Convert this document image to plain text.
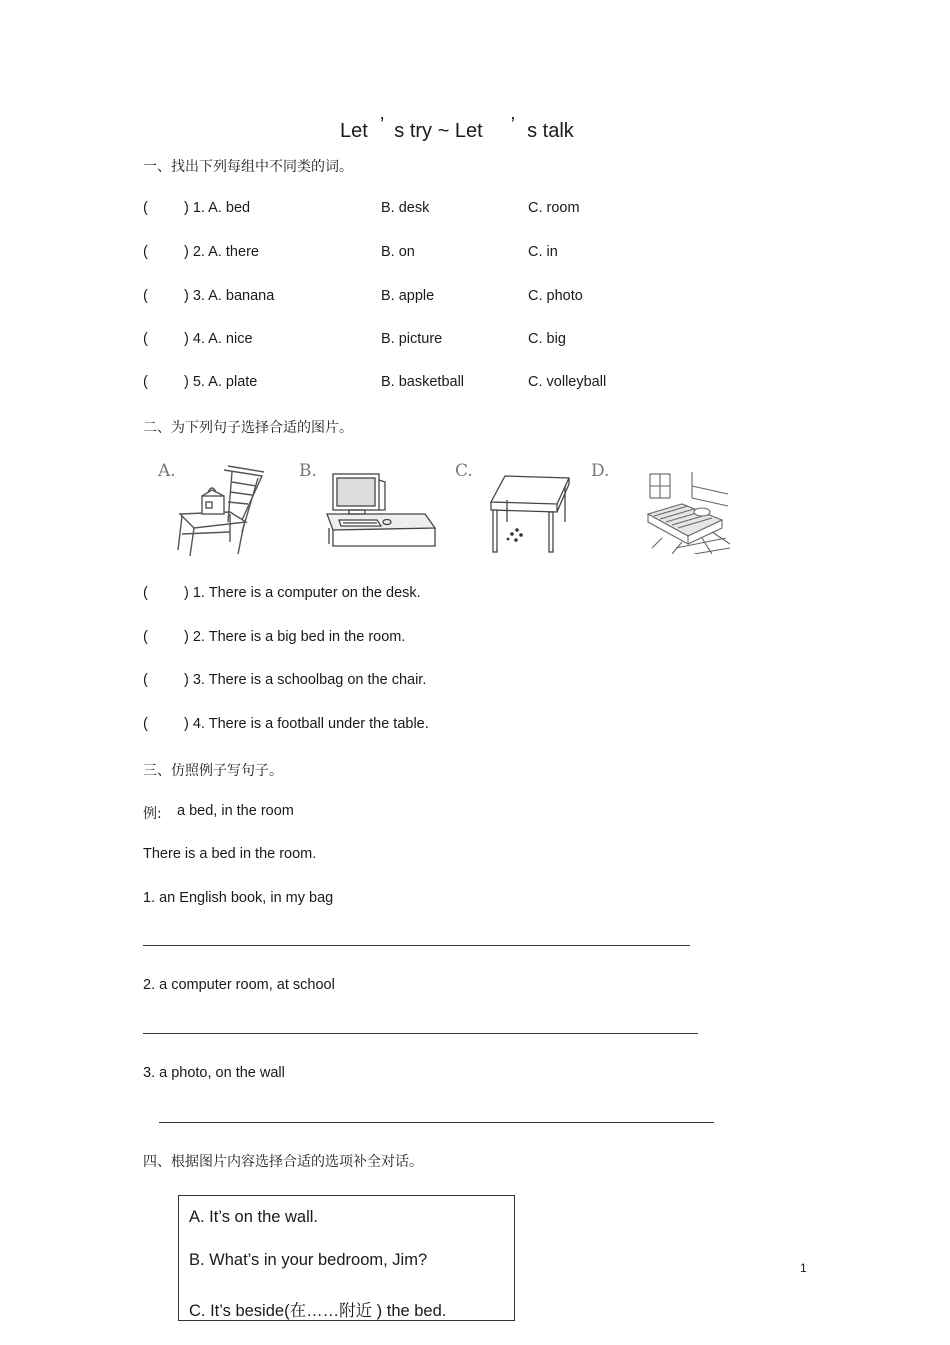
Let ’ s try ~ Let ’ s talk
一、找出下列每组中不同类的词。
( ) 1. A. bed	B. desk	C. room
( ) 2. A. there	B. on	C. in
( ) 3. A. banana	B. apple	C. photo
( ) 4. A. nice	B. picture	C. big
( ) 5. A. plate	B. basketball	C. volleyball
二、为下列句子选择合适的图片。
A.	B.	C.	D.
( ) 1. There is a computer on the desk.
( ) 2. There is a big bed in the room.
( ) 3. There is a schoolbag on the chair.
( ) 4. There is a football under the table.
三、仿照例子写句子。
例: a bed, in the room
There is a bed in the room.
1. an English book, in my bag
2. a computer room, at school
3. a photo, on the wall
四、根据图片内容选择合适的选项补全对话。
A. It’s on the wall.
B. What’s in your bedroom, Jim?
C. It’s beside(在……附近 ) the bed.
1
